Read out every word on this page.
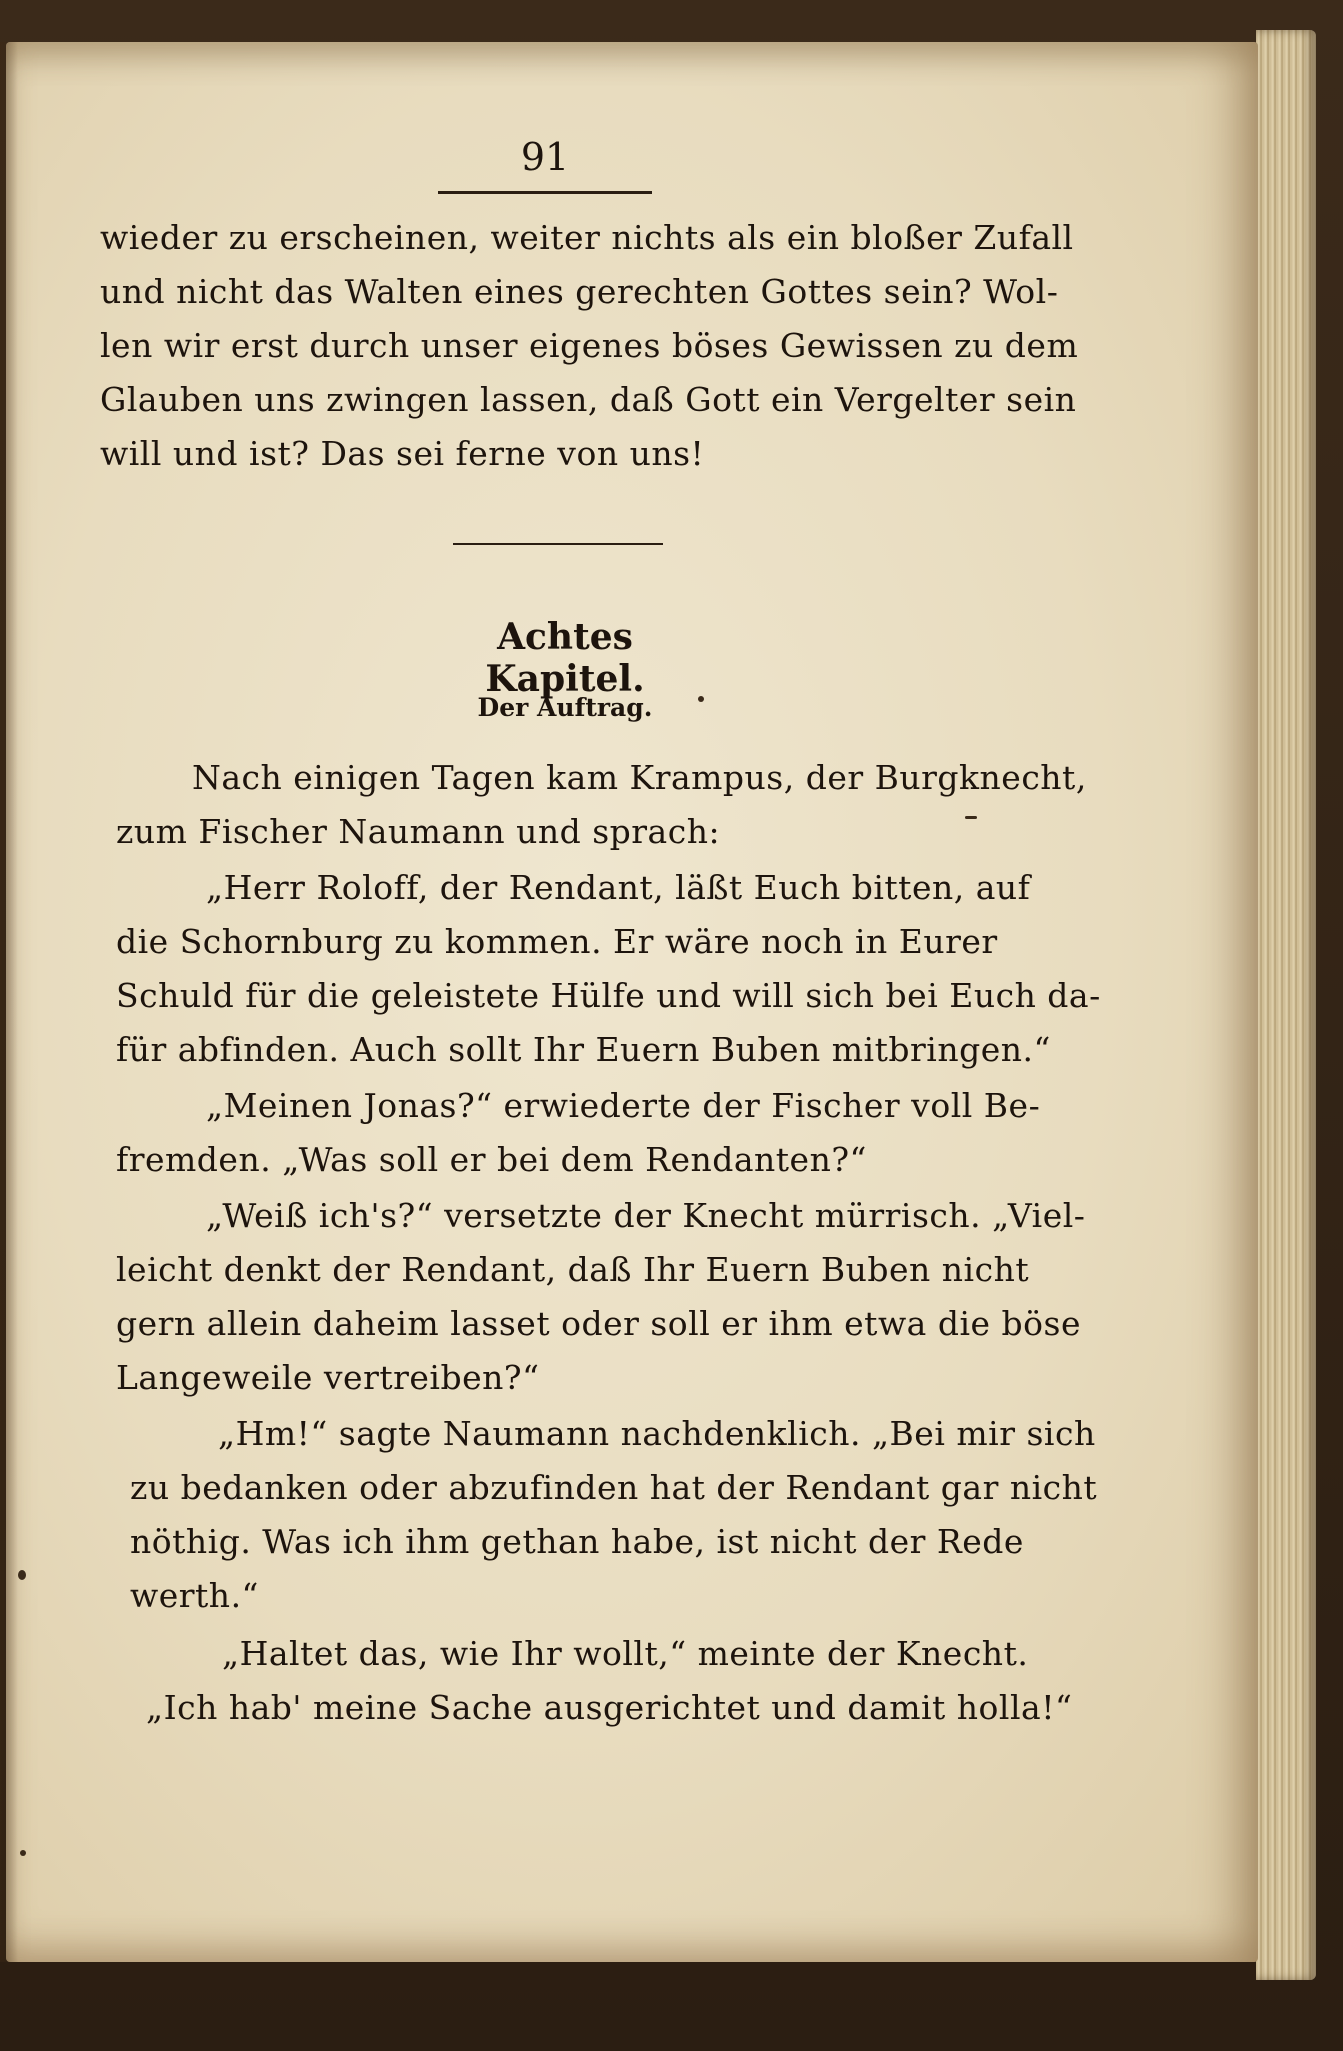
91
wieder zu erscheinen, weiter nichts als ein bloßer Zufall
und nicht das Walten eines gerechten Gottes sein? Wol-
len wir erst durch unser eigenes böses Gewissen zu dem
Glauben uns zwingen lassen, daß Gott ein Vergelter sein
will und ist? Das sei ferne von uns!
Achtes Kapitel.
Der Auftrag.
Nach einigen Tagen kam Krampus, der Burgknecht,
zum Fischer Naumann und sprach:
„Herr Roloff, der Rendant, läßt Euch bitten, auf
die Schornburg zu kommen. Er wäre noch in Eurer
Schuld für die geleistete Hülfe und will sich bei Euch da-
für abfinden. Auch sollt Ihr Euern Buben mitbringen.“
„Meinen Jonas?“ erwiederte der Fischer voll Be-
fremden. „Was soll er bei dem Rendanten?“
„Weiß ich's?“ versetzte der Knecht mürrisch. „Viel-
leicht denkt der Rendant, daß Ihr Euern Buben nicht
gern allein daheim lasset oder soll er ihm etwa die böse
Langeweile vertreiben?“
„Hm!“ sagte Naumann nachdenklich. „Bei mir sich
zu bedanken oder abzufinden hat der Rendant gar nicht
nöthig. Was ich ihm gethan habe, ist nicht der Rede
werth.“
„Haltet das, wie Ihr wollt,“ meinte der Knecht.
„Ich hab' meine Sache ausgerichtet und damit holla!“
